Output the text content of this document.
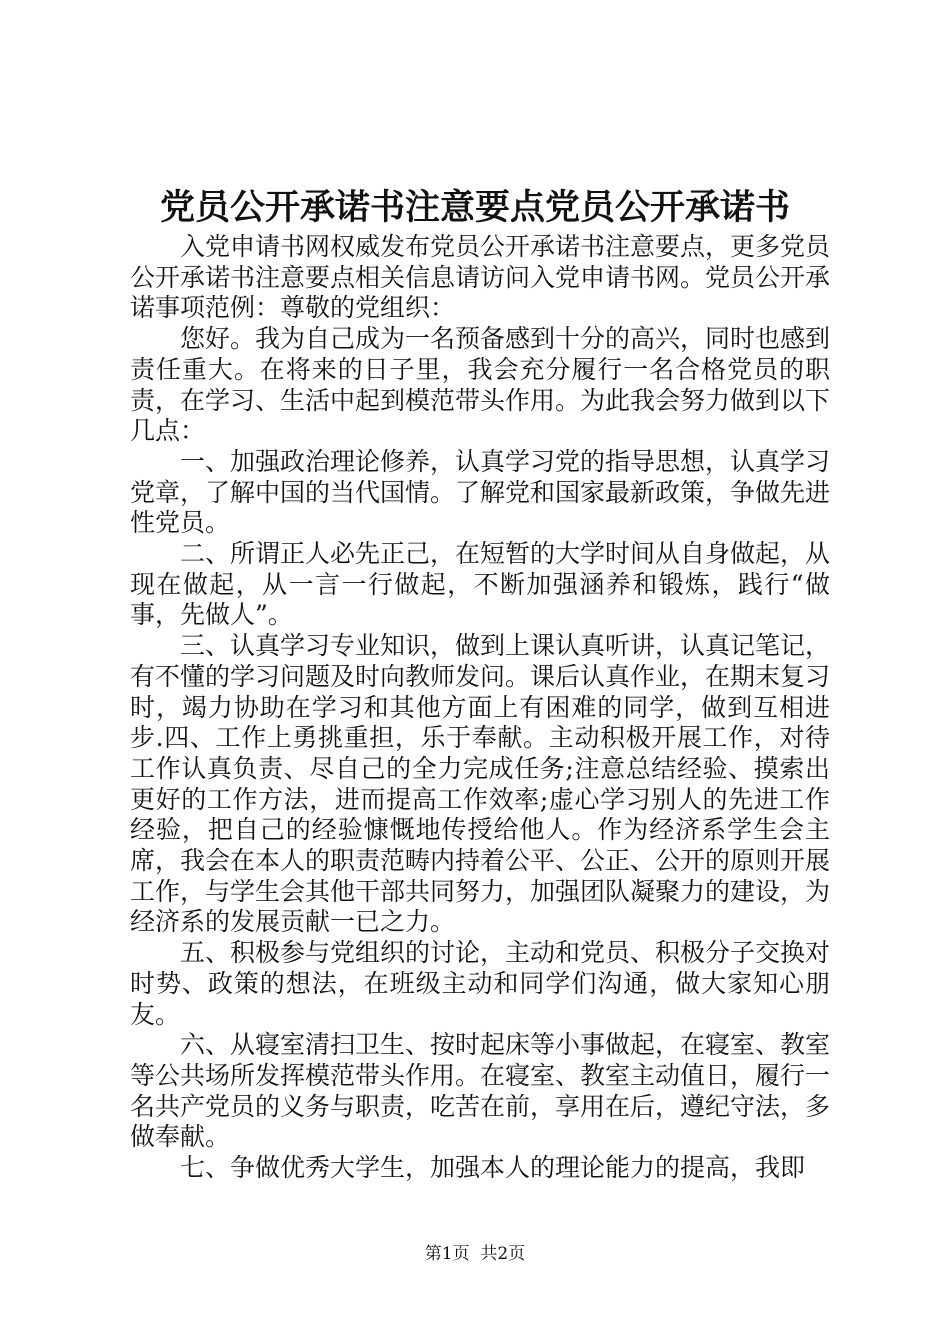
党员公开承诺书注意要点党员公开承诺书

入党申请书网权威发布党员公开承诺书注意要点，更多党员公开承诺书注意要点相关信息请访问入党申请书网。党员公开承诺事项范例：尊敬的党组织：

您好。我为自己成为一名预备感到十分的高兴，同时也感到责任重大。在将来的日子里，我会充分履行一名合格党员的职责，在学习、生活中起到模范带头作用。为此我会努力做到以下几点：

一、加强政治理论修养，认真学习党的指导思想，认真学习党章，了解中国的当代国情。了解党和国家最新政策，争做先进性党员。

二、所谓正人必先正己，在短暂的大学时间从自身做起，从现在做起，从一言一行做起，不断加强涵养和锻炼，践行“做事，先做人”。

三、认真学习专业知识，做到上课认真听讲，认真记笔记，有不懂的学习问题及时向教师发问。课后认真作业，在期末复习时，竭力协助在学习和其他方面上有困难的同学，做到互相进步.四、工作上勇挑重担，乐于奉献。主动积极开展工作，对待工作认真负责、尽自己的全力完成任务;注意总结经验、摸索出更好的工作方法，进而提高工作效率;虚心学习别人的先进工作经验，把自己的经验慷慨地传授给他人。作为经济系学生会主席，我会在本人的职责范畴内持着公平、公正、公开的原则开展工作，与学生会其他干部共同努力，加强团队凝聚力的建设，为经济系的发展贡献一已之力。

五、积极参与党组织的讨论，主动和党员、积极分子交换对时势、政策的想法，在班级主动和同学们沟通，做大家知心朋友。

六、从寝室清扫卫生、按时起床等小事做起，在寝室、教室等公共场所发挥模范带头作用。在寝室、教室主动值日，履行一名共产党员的义务与职责，吃苦在前，享用在后，遵纪守法，多做奉献。

七、争做优秀大学生，加强本人的理论能力的提高，我即

第1页  共2页
